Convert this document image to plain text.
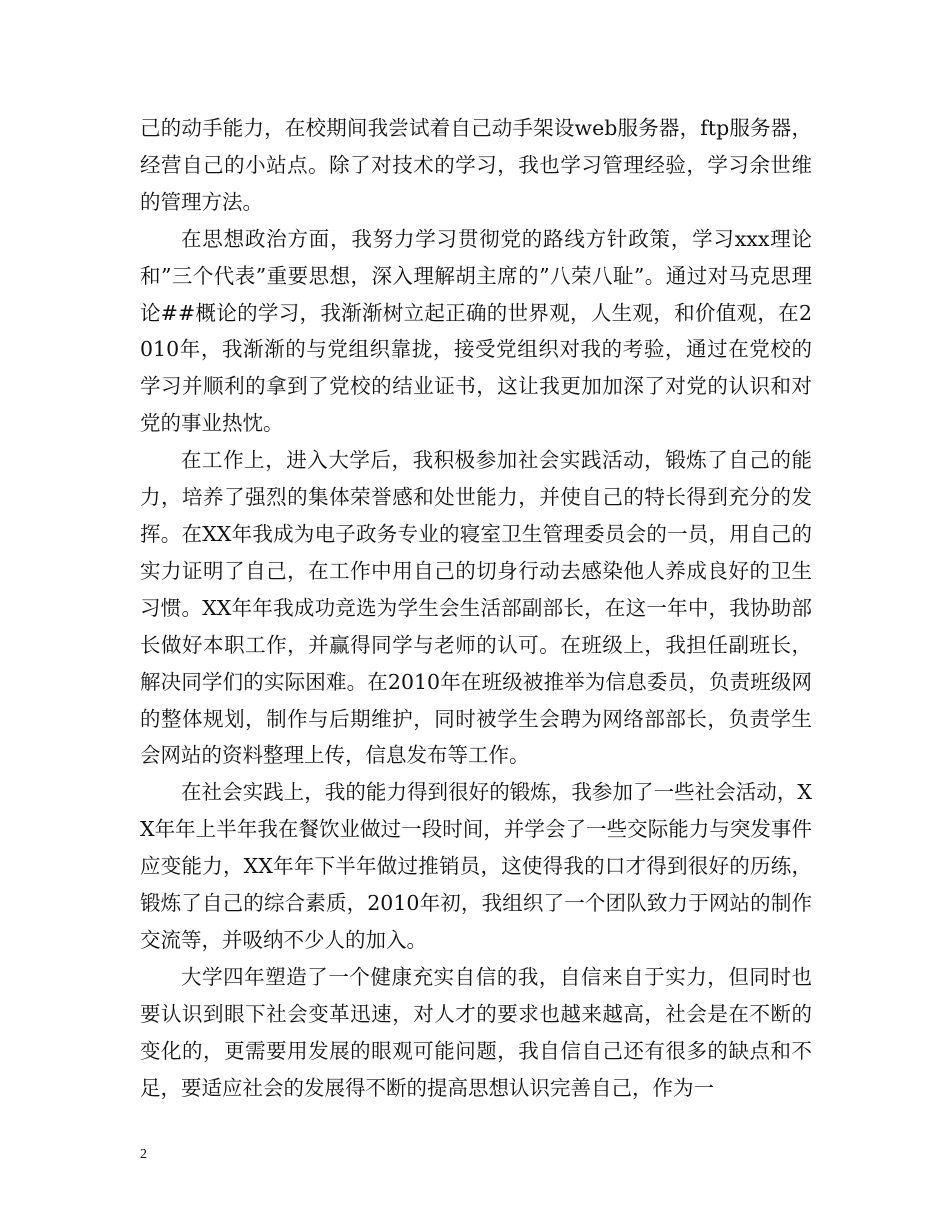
己的动手能力，在校期间我尝试着自己动手架设web服务器，ftp服务器，经营自己的小站点。除了对技术的学习，我也学习管理经验，学习余世维的管理方法。

在思想政治方面，我努力学习贯彻党的路线方针政策，学习xxx理论和”三个代表”重要思想，深入理解胡主席的”八荣八耻”。通过对马克思理论##概论的学习，我渐渐树立起正确的世界观，人生观，和价值观，在2010年，我渐渐的与党组织靠拢，接受党组织对我的考验，通过在党校的学习并顺利的拿到了党校的结业证书，这让我更加加深了对党的认识和对党的事业热忱。

在工作上，进入大学后，我积极参加社会实践活动，锻炼了自己的能力，培养了强烈的集体荣誉感和处世能力，并使自己的特长得到充分的发挥。在XX年我成为电子政务专业的寝室卫生管理委员会的一员，用自己的实力证明了自己，在工作中用自己的切身行动去感染他人养成良好的卫生习惯。XX年年我成功竞选为学生会生活部副部长，在这一年中，我协助部长做好本职工作，并赢得同学与老师的认可。在班级上，我担任副班长，解决同学们的实际困难。在2010年在班级被推举为信息委员，负责班级网的整体规划，制作与后期维护，同时被学生会聘为网络部部长，负责学生会网站的资料整理上传，信息发布等工作。

在社会实践上，我的能力得到很好的锻炼，我参加了一些社会活动，XX年年上半年我在餐饮业做过一段时间，并学会了一些交际能力与突发事件应变能力，XX年年下半年做过推销员，这使得我的口才得到很好的历练，锻炼了自己的综合素质，2010年初，我组织了一个团队致力于网站的制作交流等，并吸纳不少人的加入。

大学四年塑造了一个健康充实自信的我，自信来自于实力，但同时也要认识到眼下社会变革迅速，对人才的要求也越来越高，社会是在不断的变化的，更需要用发展的眼观可能问题，我自信自己还有很多的缺点和不足，要适应社会的发展得不断的提高思想认识完善自己，作为一

2
